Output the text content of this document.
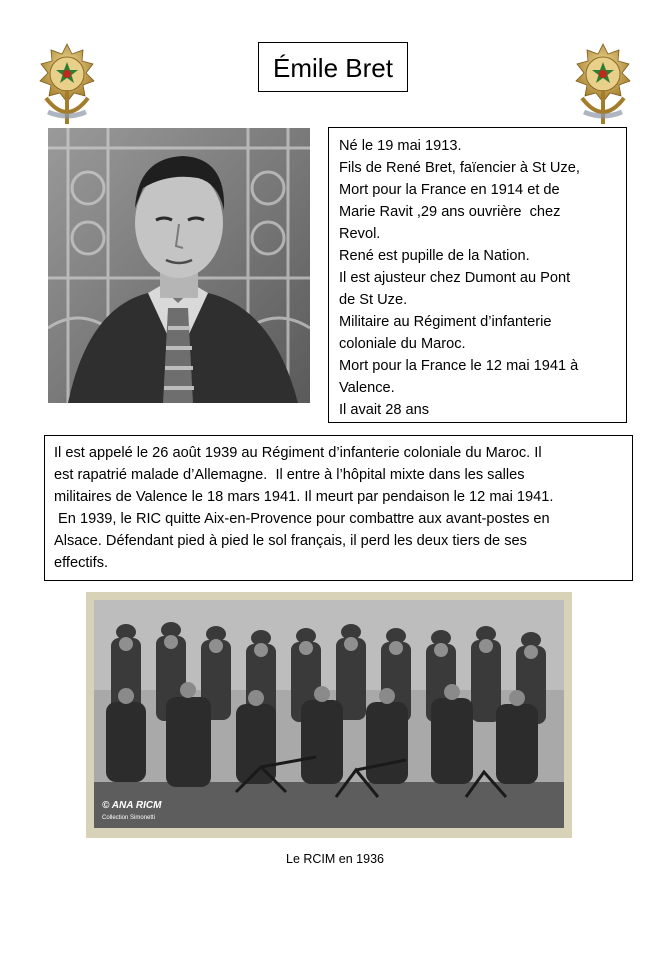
Émile Bret
Né le 19 mai 1913.
Fils de René Bret, faïencier à St Uze,
Mort pour la France en 1914 et de
Marie Ravit ,29 ans ouvrière  chez
Revol.
René est pupille de la Nation.
Il est ajusteur chez Dumont au Pont
de St Uze.
Militaire au Régiment d’infanterie
coloniale du Maroc.
Mort pour la France le 12 mai 1941 à
Valence.
Il avait 28 ans
Il est appelé le 26 août 1939 au Régiment d’infanterie coloniale du Maroc. Il
est rapatrié malade d’Allemagne.  Il entre à l’hôpital mixte dans les salles
militaires de Valence le 18 mars 1941. Il meurt par pendaison le 12 mai 1941.
En 1939, le RIC quitte Aix-en-Provence pour combattre aux avant-postes en
Alsace. Défendant pied à pied le sol français, il perd les deux tiers de ses
effectifs.
© ANA RICM
Collection Simonetti
Le RCIM en 1936
